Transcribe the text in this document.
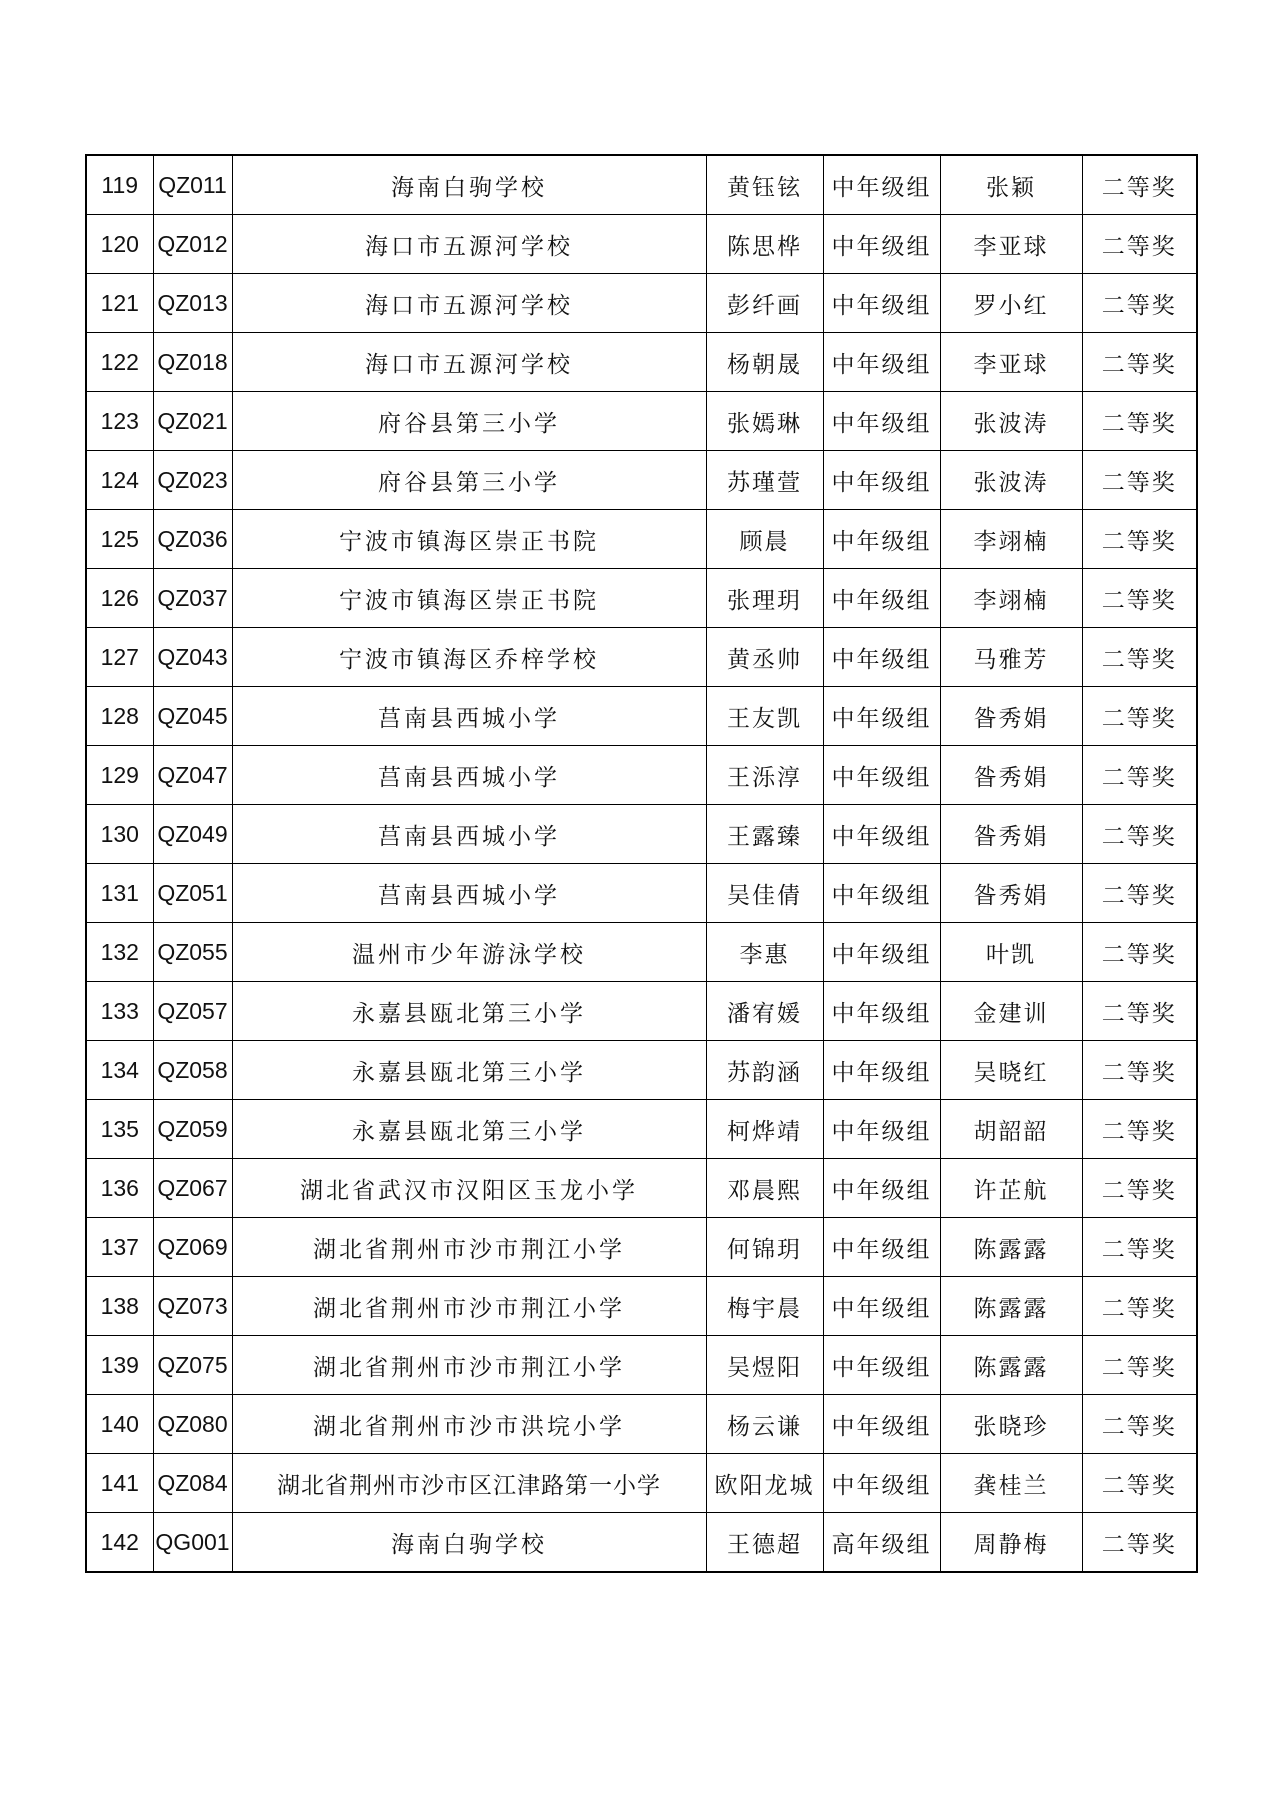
119	QZ011	海南白驹学校	黄钰铉	中年级组	张颖	二等奖
120	QZ012	海口市五源河学校	陈思桦	中年级组	李亚球	二等奖
121	QZ013	海口市五源河学校	彭纤画	中年级组	罗小红	二等奖
122	QZ018	海口市五源河学校	杨朝晟	中年级组	李亚球	二等奖
123	QZ021	府谷县第三小学	张嫣琳	中年级组	张波涛	二等奖
124	QZ023	府谷县第三小学	苏瑾萱	中年级组	张波涛	二等奖
125	QZ036	宁波市镇海区崇正书院	顾晨	中年级组	李翊楠	二等奖
126	QZ037	宁波市镇海区崇正书院	张理玥	中年级组	李翊楠	二等奖
127	QZ043	宁波市镇海区乔梓学校	黄丞帅	中年级组	马雅芳	二等奖
128	QZ045	莒南县西城小学	王友凯	中年级组	昝秀娟	二等奖
129	QZ047	莒南县西城小学	王泺淳	中年级组	昝秀娟	二等奖
130	QZ049	莒南县西城小学	王露臻	中年级组	昝秀娟	二等奖
131	QZ051	莒南县西城小学	吴佳倩	中年级组	昝秀娟	二等奖
132	QZ055	温州市少年游泳学校	李惠	中年级组	叶凯	二等奖
133	QZ057	永嘉县瓯北第三小学	潘宥媛	中年级组	金建训	二等奖
134	QZ058	永嘉县瓯北第三小学	苏韵涵	中年级组	吴晓红	二等奖
135	QZ059	永嘉县瓯北第三小学	柯烨靖	中年级组	胡韶韶	二等奖
136	QZ067	湖北省武汉市汉阳区玉龙小学	邓晨熙	中年级组	许芷航	二等奖
137	QZ069	湖北省荆州市沙市荆江小学	何锦玥	中年级组	陈露露	二等奖
138	QZ073	湖北省荆州市沙市荆江小学	梅宇晨	中年级组	陈露露	二等奖
139	QZ075	湖北省荆州市沙市荆江小学	吴煜阳	中年级组	陈露露	二等奖
140	QZ080	湖北省荆州市沙市洪垸小学	杨云谦	中年级组	张晓珍	二等奖
141	QZ084	湖北省荆州市沙市区江津路第一小学	欧阳龙城	中年级组	龚桂兰	二等奖
142	QG001	海南白驹学校	王德超	高年级组	周静梅	二等奖
